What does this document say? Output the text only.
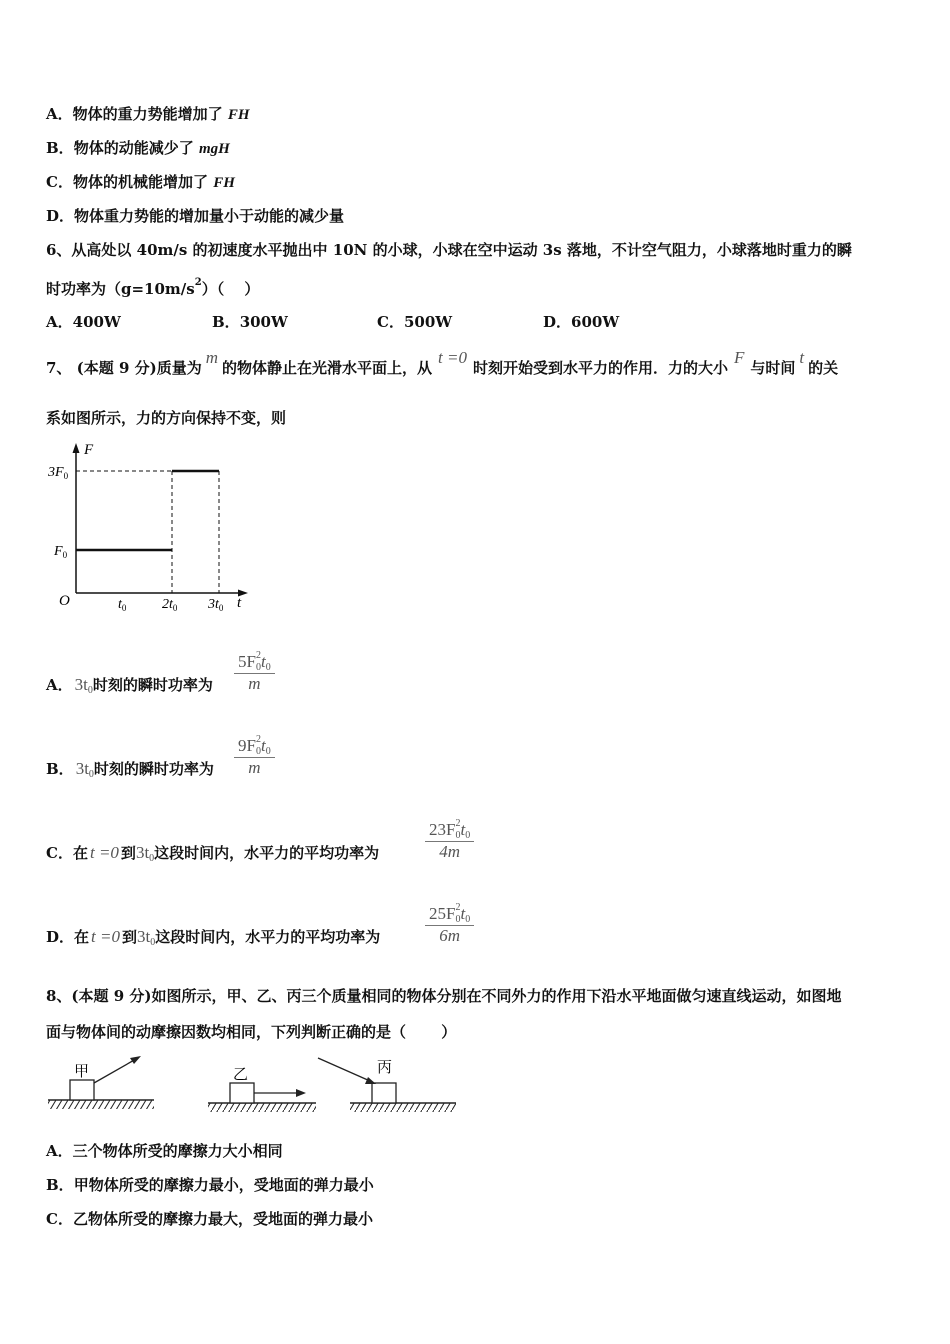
A．物体的重力势能增加了 FH
B．物体的动能减少了 mgH
C．物体的机械能增加了 FH
D．物体重力势能的增加量小于动能的减少量
6、从高处以 40m/s 的初速度水平抛出中 10N 的小球，小球在空中运动 3s 落地，不计空气阻力，小球落地时重力的瞬
时功率为$(g=10m/s^2)$（　 ）
A．400W	B．300W	C．500W	D．600W
7、 (本题 9 分)质量为m的物体静止在光滑水平面上，从t =0时刻开始受到水平力的作用．力的大小F与时间t的关
系如图所示，力的方向保持不变，则
F
t
O
$3F_0$
$F_0$
$t_0$	$2t_0$ $3t_0$
A． $3t_0$时刻的瞬时功率为
$5F_0^2t_0$
m
B． $3t_0$时刻的瞬时功率为
$9F_0^2t_0$
m
C．在 t =0 到$3t_0$这段时间内，水平力的平均功率为
$23F_0^2t_0$
4m
D．在 t =0 到$3t_0$这段时间内，水平力的平均功率为
$25F_0^2t_0$
6m
8、(本题 9 分)如图所示，甲、乙、丙三个质量相同的物体分别在不同外力的作用下沿水平地面做匀速直线运动，如图地
面与物体间的动摩擦因数均相同，下列判断正确的是（　　 ）
甲	乙	丙
A．三个物体所受的摩擦力大小相同
B．甲物体所受的摩擦力最小，受地面的弹力最小
C．乙物体所受的摩擦力最大，受地面的弹力最小
